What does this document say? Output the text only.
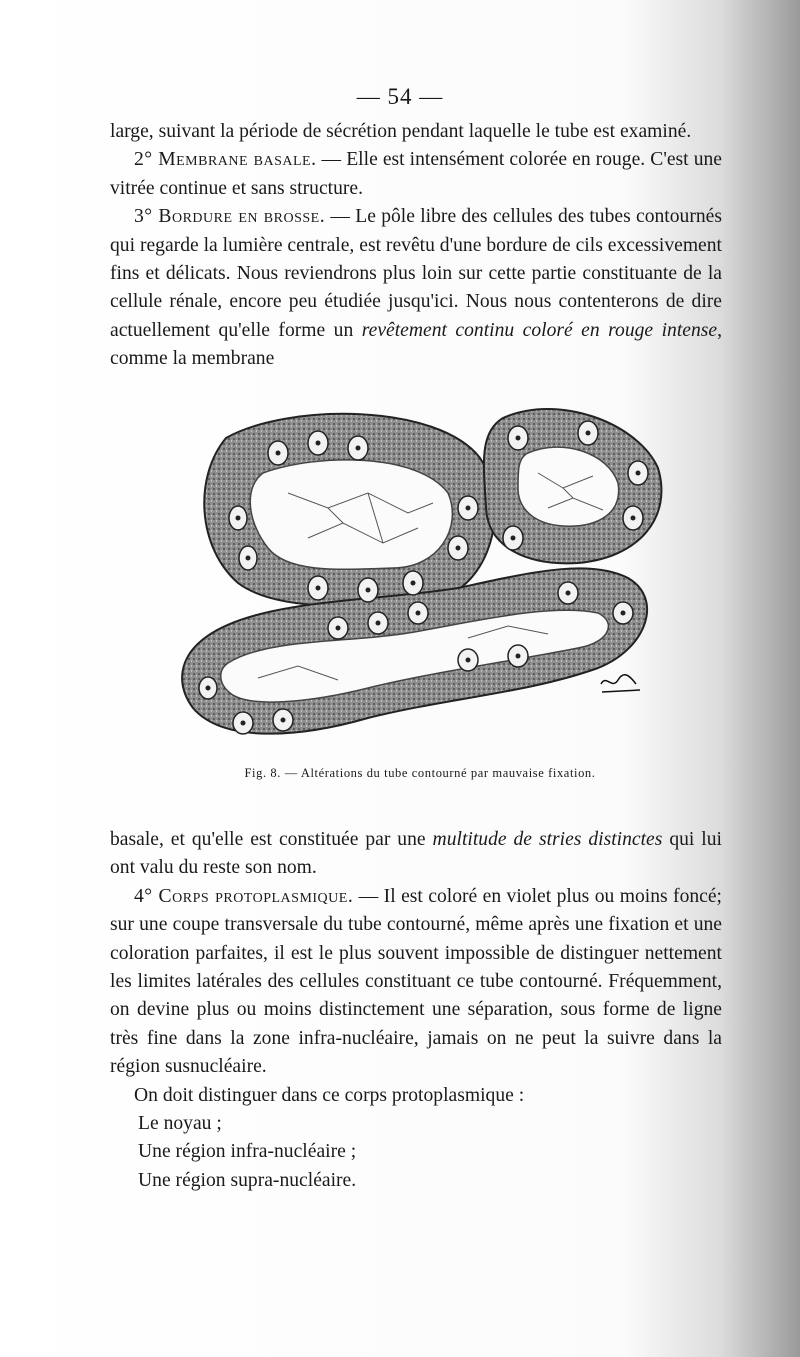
— 54 —

large, suivant la période de sécrétion pendant laquelle le tube est examiné.

2° Membrane basale. — Elle est intensément colorée en rouge. C'est une vitrée continue et sans structure.

3° Bordure en brosse. — Le pôle libre des cellules des tubes contournés qui regarde la lumière centrale, est revêtu d'une bordure de cils excessivement fins et délicats. Nous reviendrons plus loin sur cette partie constituante de la cellule rénale, encore peu étudiée jusqu'ici. Nous nous contenterons de dire actuellement qu'elle forme un revêtement continu coloré en rouge intense, comme la membrane

Fig. 8. — Altérations du tube contourné par mauvaise fixation.

basale, et qu'elle est constituée par une multitude de stries distinctes qui lui ont valu du reste son nom.

4° Corps protoplasmique. — Il est coloré en violet plus ou moins foncé; sur une coupe transversale du tube contourné, même après une fixation et une coloration parfaites, il est le plus souvent impossible de distinguer nettement les limites latérales des cellules constituant ce tube contourné. Fréquemment, on devine plus ou moins distinctement une séparation, sous forme de ligne très fine dans la zone infra-nucléaire, jamais on ne peut la suivre dans la région susnucléaire.

On doit distinguer dans ce corps protoplasmique :

Le noyau ;

Une région infra-nucléaire ;

Une région supra-nucléaire.
